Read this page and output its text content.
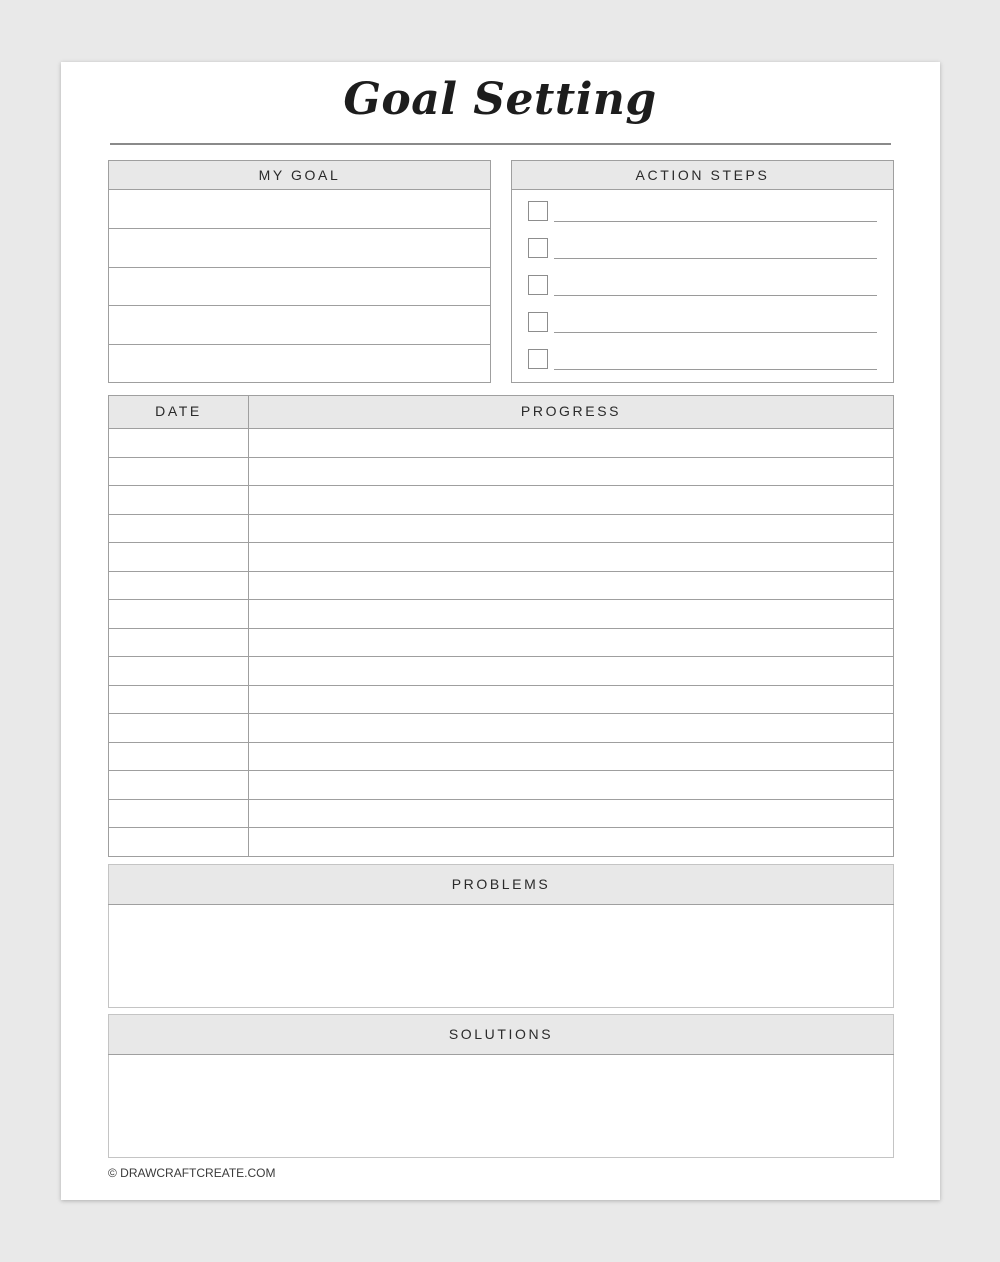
Goal Setting
MY GOAL	ACTION STEPS
DATE	PROGRESS
PROBLEMS
SOLUTIONS
© DRAWCRAFTCREATE.COM
